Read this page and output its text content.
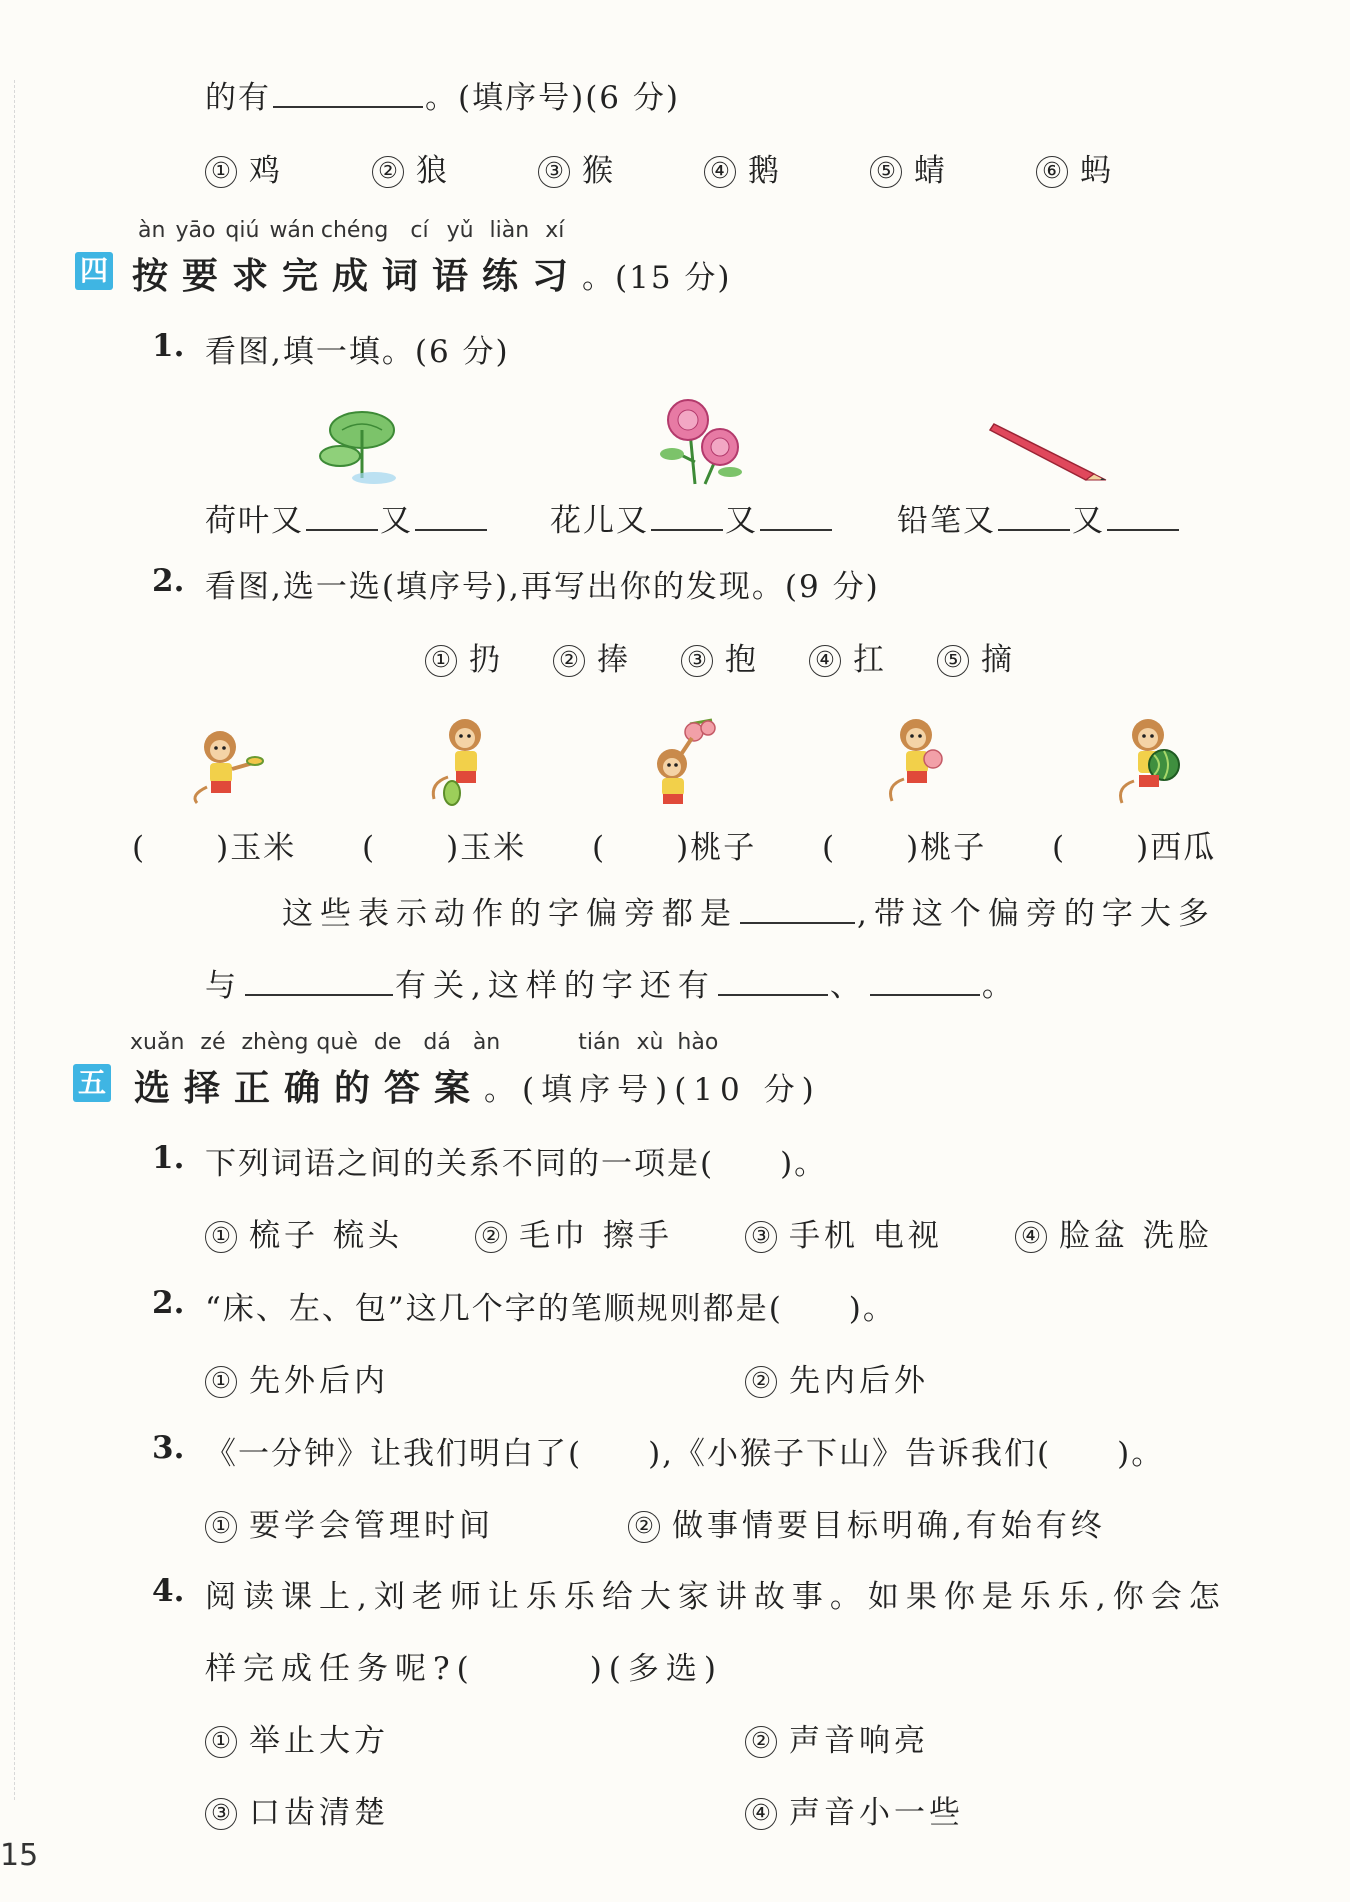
的有	。(填序号)(6 分)
① 鸡	② 狼	③ 猴	④ 鹅	⑤ 蜻	⑥ 蚂
àn yāo qiú wán chéng cí yǔ liàn xí
四 按要求完成词语练习。(15 分)
1. 看图,填一填。(6 分)
荷叶又 又	花儿又 又	铅笔又 又
2. 看图,选一选(填序号),再写出你的发现。(9 分)
① 扔	② 捧	③ 抱	④ 扛	⑤ 摘
( )玉米 ( )玉米 ( )桃子 ( )桃子 ( )西瓜
这些表示动作的字偏旁都是	,带这个偏旁的字大多
与	有关,这样的字还有	、	。
xuǎn zé zhèng què de dá àn	tián xù hào
五 选择正确的答案。(填序号)(10 分)
1. 下列词语之间的关系不同的一项是(　　)。
① 梳子 梳头	② 毛巾 擦手	③ 手机 电视	④ 脸盆 洗脸
2. “床、左、包”这几个字的笔顺规则都是(　　)。
① 先外后内	② 先内后外
3. 《一分钟》让我们明白了(　　),《小猴子下山》告诉我们(　　)。
① 要学会管理时间	② 做事情要目标明确,有始有终
4. 阅读课上,刘老师让乐乐给大家讲故事。如果你是乐乐,你会怎
样完成任务呢?(　　　)(多选)
① 举止大方	② 声音响亮
③ 口齿清楚	④ 声音小一些
15
